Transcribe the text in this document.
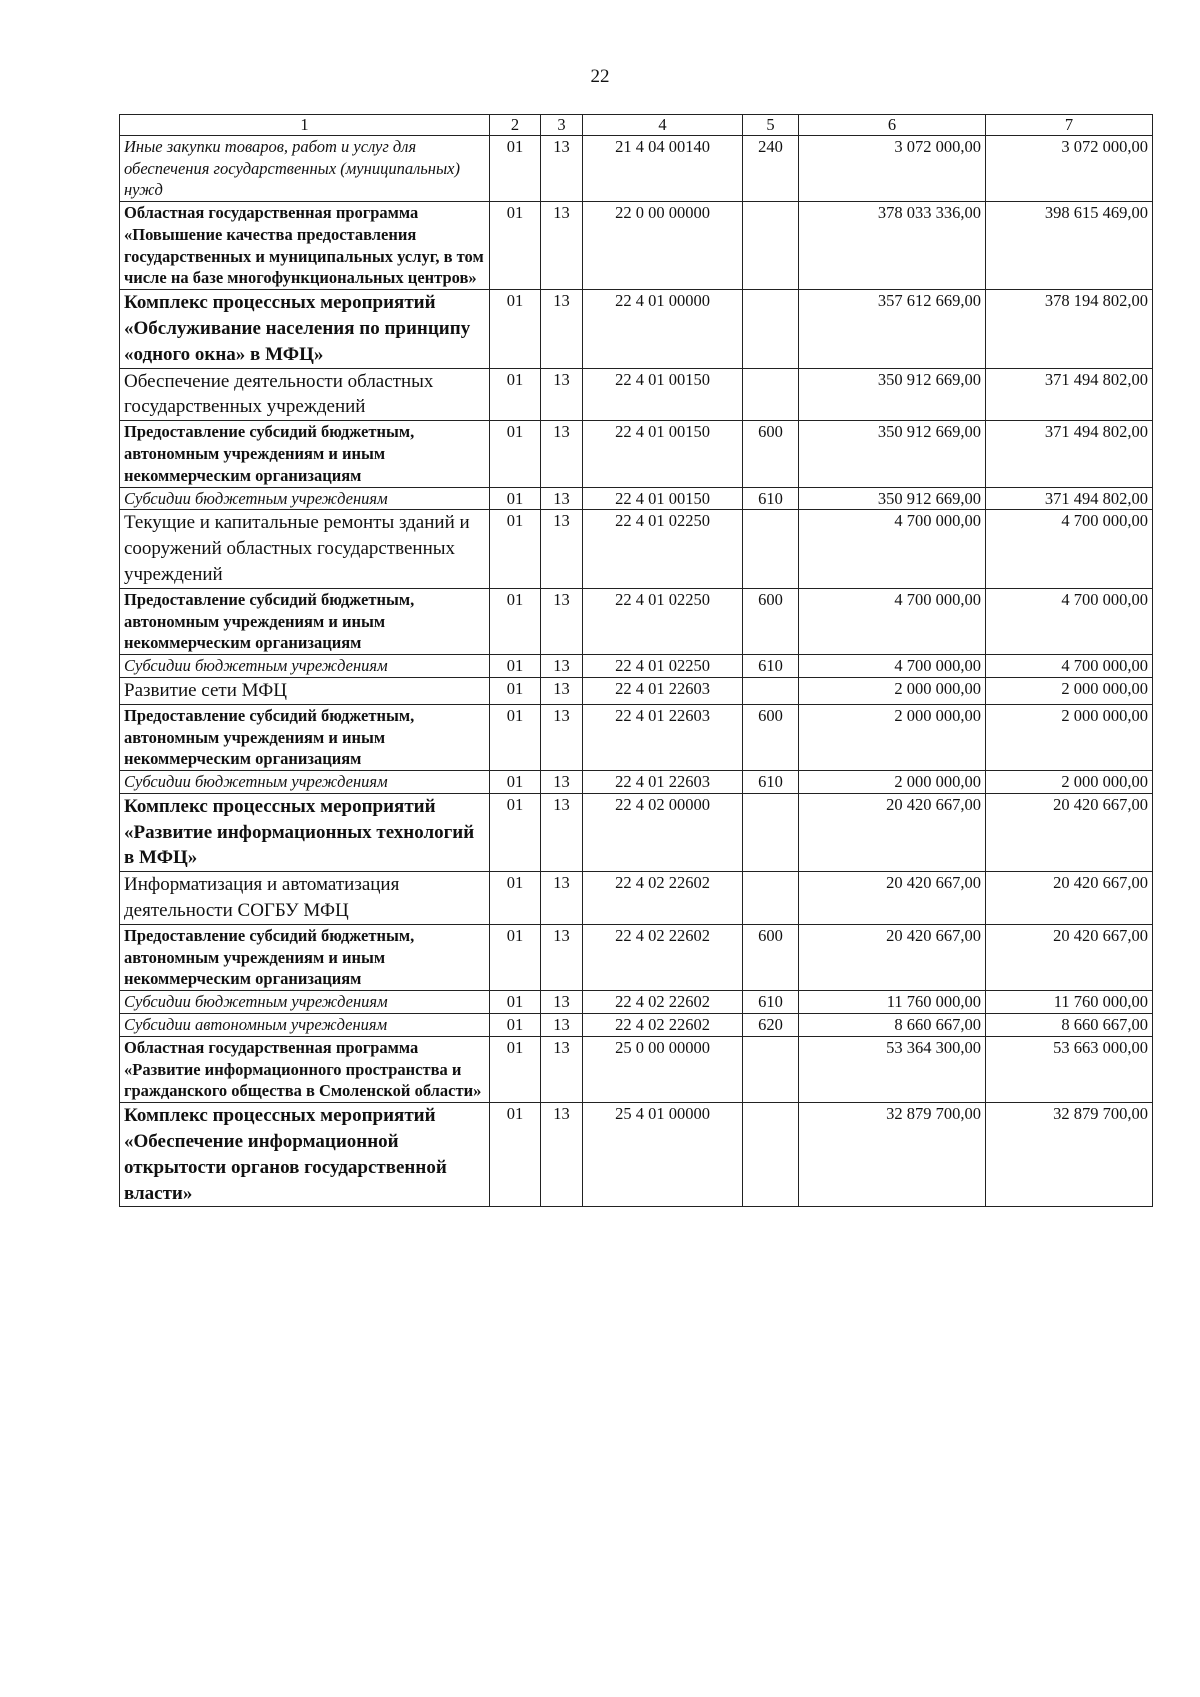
22
1	2	3	4	5	6	7
Иные закупки товаров, работ и услуг для обеспечения государственных (муниципальных) нужд	01	13	21 4 04 00140	240	3 072 000,00	3 072 000,00
Областная государственная программа «Повышение качества предоставления государственных и муниципальных услуг, в том числе на базе многофункциональных центров»	01	13	22 0 00 00000		378 033 336,00	398 615 469,00
Комплекс процессных мероприятий «Обслуживание населения по принципу «одного окна» в МФЦ»	01	13	22 4 01 00000		357 612 669,00	378 194 802,00
Обеспечение деятельности областных государственных учреждений	01	13	22 4 01 00150		350 912 669,00	371 494 802,00
Предоставление субсидий бюджетным, автономным учреждениям и иным некоммерческим организациям	01	13	22 4 01 00150	600	350 912 669,00	371 494 802,00
Субсидии бюджетным учреждениям	01	13	22 4 01 00150	610	350 912 669,00	371 494 802,00
Текущие и капитальные ремонты зданий и сооружений областных государственных учреждений	01	13	22 4 01 02250		4 700 000,00	4 700 000,00
Предоставление субсидий бюджетным, автономным учреждениям и иным некоммерческим организациям	01	13	22 4 01 02250	600	4 700 000,00	4 700 000,00
Субсидии бюджетным учреждениям	01	13	22 4 01 02250	610	4 700 000,00	4 700 000,00
Развитие сети МФЦ	01	13	22 4 01 22603		2 000 000,00	2 000 000,00
Предоставление субсидий бюджетным, автономным учреждениям и иным некоммерческим организациям	01	13	22 4 01 22603	600	2 000 000,00	2 000 000,00
Субсидии бюджетным учреждениям	01	13	22 4 01 22603	610	2 000 000,00	2 000 000,00
Комплекс процессных мероприятий «Развитие информационных технологий в МФЦ»	01	13	22 4 02 00000		20 420 667,00	20 420 667,00
Информатизация и автоматизация деятельности СОГБУ МФЦ	01	13	22 4 02 22602		20 420 667,00	20 420 667,00
Предоставление субсидий бюджетным, автономным учреждениям и иным некоммерческим организациям	01	13	22 4 02 22602	600	20 420 667,00	20 420 667,00
Субсидии бюджетным учреждениям	01	13	22 4 02 22602	610	11 760 000,00	11 760 000,00
Субсидии автономным учреждениям	01	13	22 4 02 22602	620	8 660 667,00	8 660 667,00
Областная государственная программа «Развитие информационного пространства и гражданского общества в Смоленской области»	01	13	25 0 00 00000		53 364 300,00	53 663 000,00
Комплекс процессных мероприятий «Обеспечение информационной открытости органов государственной власти»	01	13	25 4 01 00000		32 879 700,00	32 879 700,00
